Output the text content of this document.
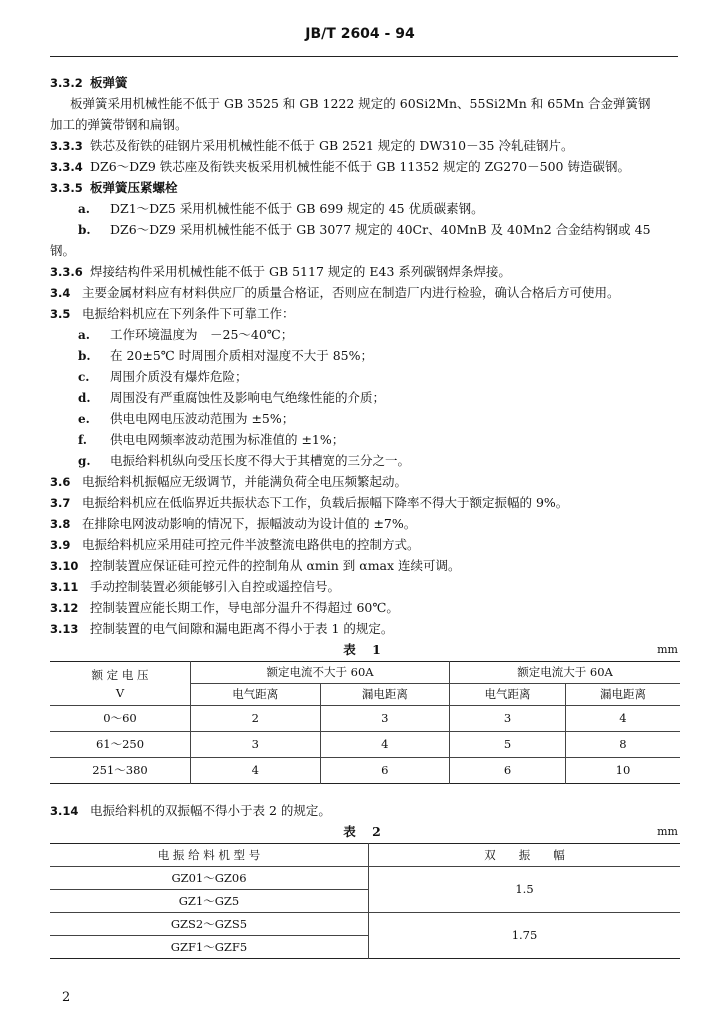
JB/T 2604 - 94
3.3.2 板弹簧
板弹簧采用机械性能不低于 GB 3525 和 GB 1222 规定的 60Si2Mn、55Si2Mn 和 65Mn 合金弹簧钢
加工的弹簧带钢和扁钢。
3.3.3 铁芯及衔铁的硅钢片采用机械性能不低于 GB 2521 规定的 DW310－35 冷轧硅钢片。
3.3.4 DZ6～DZ9 铁芯座及衔铁夹板采用机械性能不低于 GB 11352 规定的 ZG270－500 铸造碳钢。
3.3.5 板弹簧压紧螺栓
a. DZ1～DZ5 采用机械性能不低于 GB 699 规定的 45 优质碳素钢。
b. DZ6～DZ9 采用机械性能不低于 GB 3077 规定的 40Cr、40MnB 及 40Mn2 合金结构钢或 45
钢。
3.3.6 焊接结构件采用机械性能不低于 GB 5117 规定的 E43 系列碳钢焊条焊接。
3.4 主要金属材料应有材料供应厂的质量合格证，否则应在制造厂内进行检验，确认合格后方可使用。
3.5 电振给料机应在下列条件下可靠工作：
a. 工作环境温度为　－25～40℃；
b. 在 20±5℃ 时周围介质相对湿度不大于 85%；
c. 周围介质没有爆炸危险；
d. 周围没有严重腐蚀性及影响电气绝缘性能的介质；
e. 供电电网电压波动范围为 ±5%；
f. 供电电网频率波动范围为标准值的 ±1%；
g. 电振给料机纵向受压长度不得大于其槽宽的三分之一。
3.6 电振给料机振幅应无级调节，并能满负荷全电压频繁起动。
3.7 电振给料机应在低临界近共振状态下工作，负载后振幅下降率不得大于额定振幅的 9%。
3.8 在排除电网波动影响的情况下，振幅波动为设计值的 ±7%。
3.9 电振给料机应采用硅可控元件半波整流电路供电的控制方式。
3.10 控制装置应保证硅可控元件的控制角从 αmin 到 αmax 连续可调。
3.11 手动控制装置必须能够引入自控或遥控信号。
3.12 控制装置应能长期工作，导电部分温升不得超过 60℃。
3.13 控制装置的电气间隙和漏电距离不得小于表 1 的规定。
表 1	mm
额 定 电 压
V	额定电流不大于 60A		额定电流大于 60A	
	电气距离	漏电距离	电气距离	漏电距离
0～60	2	3	3	4
61～250	3	4	5	8
251～380	4	6	6	10
3.14 电振给料机的双振幅不得小于表 2 的规定。
表 2	mm
电 振 给 料 机 型 号	双　　振　　幅
GZ01～GZ06	1.5
GZ1～GZ5	
GZS2～GZS5	1.75
GZF1～GZF5	
2
